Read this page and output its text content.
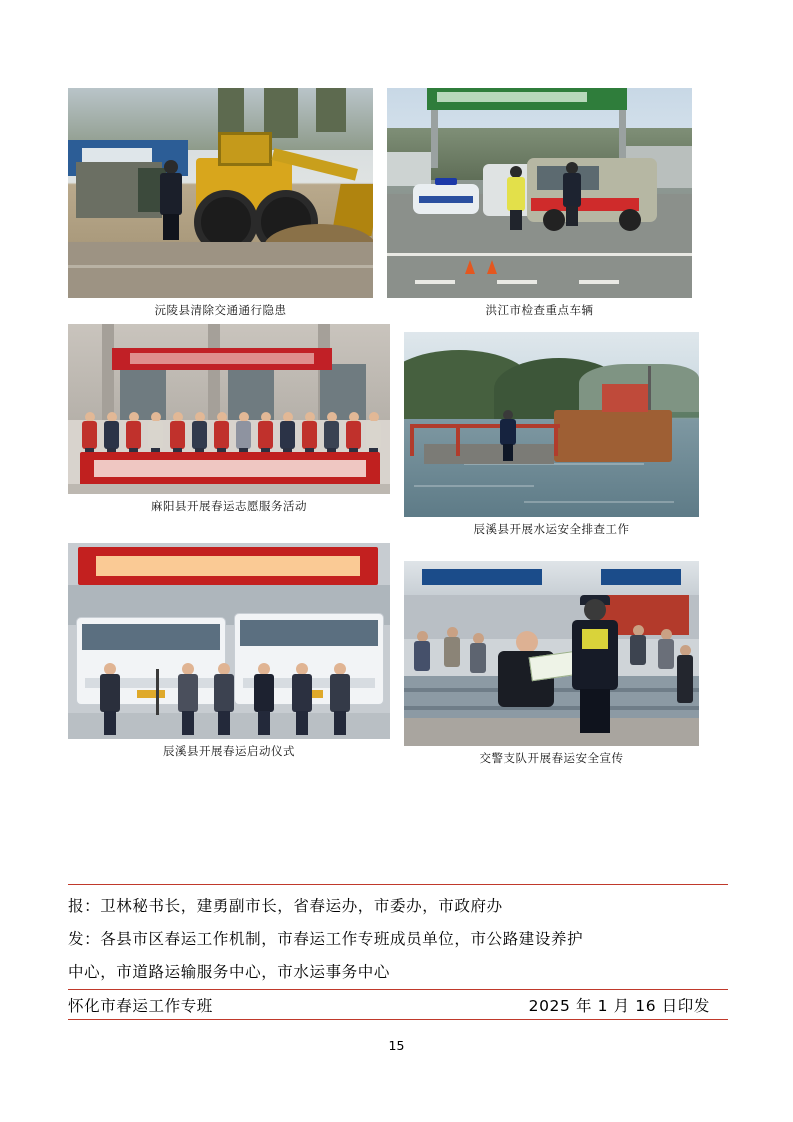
沅陵县清除交通通行隐患	洪江市检查重点车辆
麻阳县开展春运志愿服务活动
辰溪县开展水运安全排查工作
辰溪县开展春运启动仪式	交警支队开展春运安全宣传
报：卫林秘书长，建勇副市长，省春运办，市委办，市政府办
发：各县市区春运工作机制，市春运工作专班成员单位，市公路建设养护
中心，市道路运输服务中心，市水运事务中心
怀化市春运工作专班	2025 年 1 月 16 日印发
15
